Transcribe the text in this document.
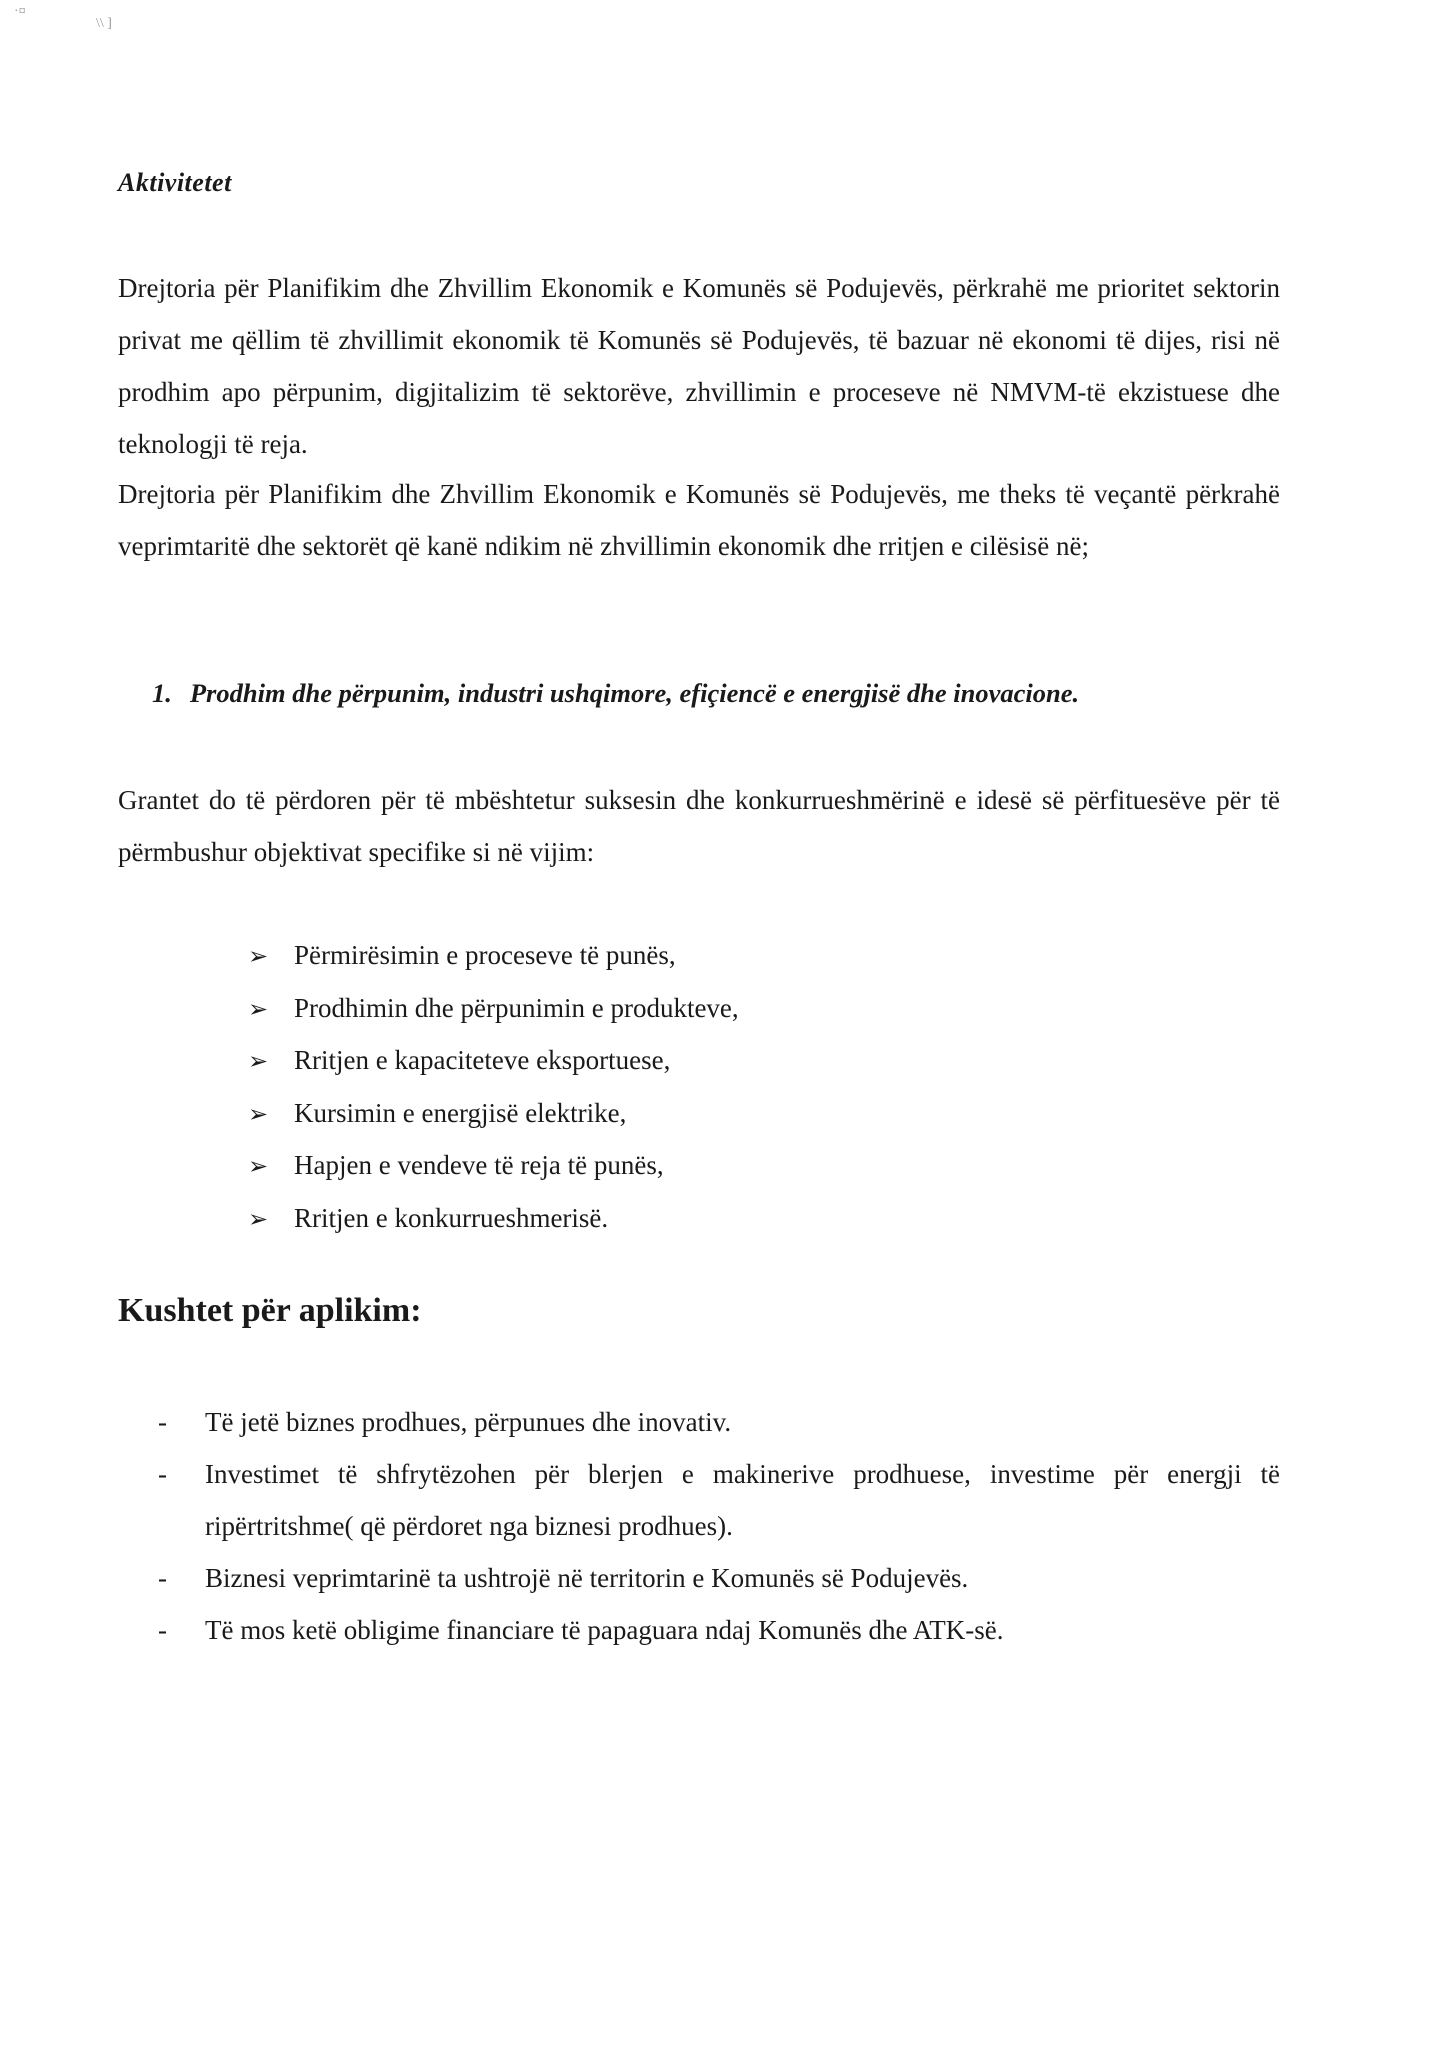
·¤
\\ ]
Aktivitetet

Drejtoria për Planifikim dhe Zhvillim Ekonomik e Komunës së Podujevës, përkrahë me prioritet sektorin privat me qëllim të zhvillimit ekonomik të Komunës së Podujevës, të bazuar në ekonomi të dijes, risi në prodhim apo përpunim, digjitalizim të sektorëve, zhvillimin e proceseve në NMVM-të ekzistuese dhe teknologji të reja.

Drejtoria për Planifikim dhe Zhvillim Ekonomik e Komunës së Podujevës, me theks të veçantë përkrahë veprimtaritë dhe sektorët që kanë ndikim në zhvillimin ekonomik dhe rritjen e cilësisë në;

1. Prodhim dhe përpunim, industri ushqimore, efiçiencë e energjisë dhe inovacione.

Grantet do të përdoren për të mbështetur suksesin dhe konkurrueshmërinë e idesë së përfituesëve për të përmbushur objektivat specifike si në vijim:

➢ Përmirësimin e proceseve të punës,
➢ Prodhimin dhe përpunimin e produkteve,
➢ Rritjen e kapaciteteve eksportuese,
➢ Kursimin e energjisë elektrike,
➢ Hapjen e vendeve të reja të punës,
➢ Rritjen e konkurrueshmerisë.
Kushtet për aplikim:
- Të jetë biznes prodhues, përpunues dhe inovativ.
- Investimet të shfrytëzohen për blerjen e makinerive prodhuese, investime për energji të ripërtritshme( që përdoret nga biznesi prodhues).
- Biznesi veprimtarinë ta ushtrojë në territorin e Komunës së Podujevës.
- Të mos ketë obligime financiare të papaguara ndaj Komunës dhe ATK-së.
